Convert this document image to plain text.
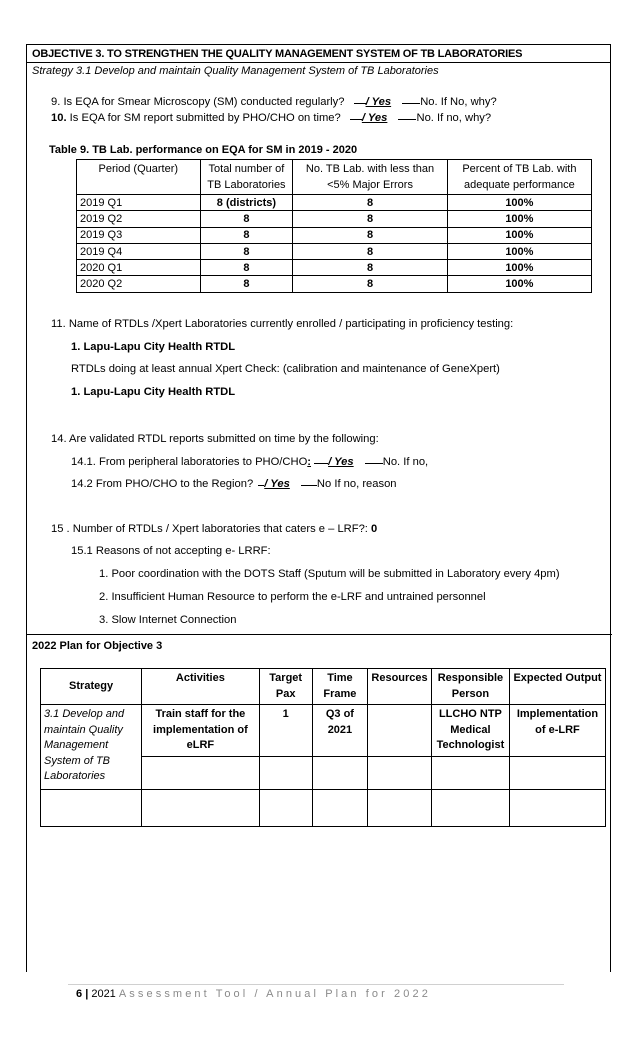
OBJECTIVE 3. TO STRENGTHEN THE QUALITY MANAGEMENT SYSTEM OF TB LABORATORIES
Strategy 3.1 Develop and maintain Quality Management System of TB Laboratories
9. Is EQA for Smear Microscopy (SM) conducted regularly? / Yes	No. If No, why?
10. Is EQA for SM report submitted by PHO/CHO on time? / Yes	No. If no, why?
Table 9. TB Lab. performance on EQA for SM in 2019 - 2020
Period (Quarter)	Total number of TB Laboratories	No. TB Lab. with less than <5% Major Errors	Percent of TB Lab. with adequate performance
2019 Q1	8 (districts)	8	100%
2019 Q2	8	8	100%
2019 Q3	8	8	100%
2019 Q4	8	8	100%
2020 Q1	8	8	100%
2020 Q2	8	8	100%
11. Name of RTDLs /Xpert Laboratories currently enrolled / participating in proficiency testing:
1. Lapu-Lapu City Health RTDL
RTDLs doing at least annual Xpert Check: (calibration and maintenance of GeneXpert)
1. Lapu-Lapu City Health RTDL
14. Are validated RTDL reports submitted on time by the following:
14.1. From peripheral laboratories to PHO/CHO: / Yes	No. If no,
14.2 From PHO/CHO to the Region? / Yes No If no, reason
15 . Number of RTDLs / Xpert laboratories that caters e – LRF?: 0
15.1 Reasons of not accepting e- LRRF:
1. Poor coordination with the DOTS Staff (Sputum will be submitted in Laboratory every 4pm)
2. Insufficient Human Resource to perform the e-LRF and untrained personnel
3. Slow Internet Connection
2022 Plan for Objective 3
Strategy	Activities	Target Pax	Time Frame	Resources	Responsible Person	Expected Output
3.1 Develop and maintain Quality Management System of TB Laboratories	Train staff for the implementation of eLRF	1	Q3 of 2021		LLCHO NTP Medical Technologist	Implementation of e-LRF

6 | 2021 Assessment Tool / Annual Plan for 2022
